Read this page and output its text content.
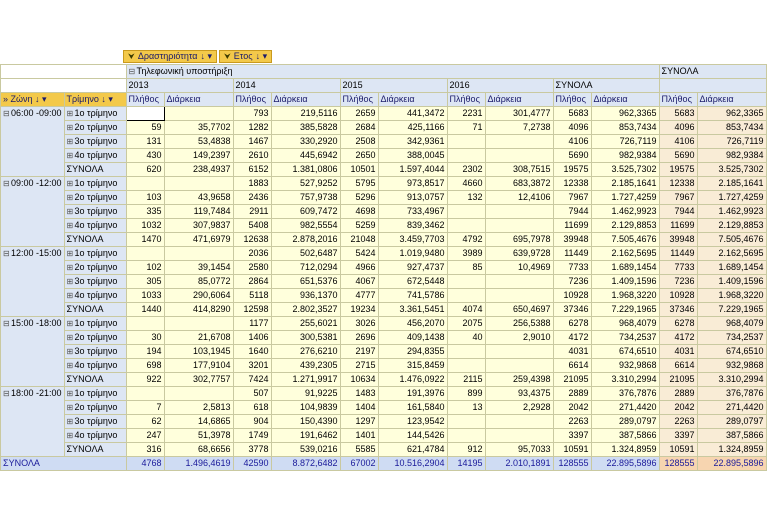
⮟ Δραστηριότητα ↓ ▾ ⮟ Ετος ↓ ▾
		⊟Τηλεφωνική υποστήριξη										ΣΥΝΟΛΑ	
		2013		2014		2015		2016		ΣΥΝΟΛΑ			
» Ζώνη ↓ ▾	Τρίμηνο ↓ ▾	Πλήθος	Διάρκεια	Πλήθος	Διάρκεια	Πλήθος	Διάρκεια	Πλήθος	Διάρκεια	Πλήθος	Διάρκεια	Πλήθος	Διάρκεια
⊟06:00 -09:00	⊞1ο τρίμηνο			793	219,5116	2659	441,3472	2231	301,4777	5683	962,3365	5683	962,3365
	⊞2ο τρίμηνο	59	35,7702	1282	385,5828	2684	425,1166	71	7,2738	4096	853,7434	4096	853,7434
	⊞3ο τρίμηνο	131	53,4838	1467	330,2920	2508	342,9361			4106	726,7119	4106	726,7119
	⊞4ο τρίμηνο	430	149,2397	2610	445,6942	2650	388,0045			5690	982,9384	5690	982,9384
	ΣΥΝΟΛΑ	620	238,4937	6152	1.381,0806	10501	1.597,4044	2302	308,7515	19575	3.525,7302	19575	3.525,7302
⊟09:00 -12:00	⊞1ο τρίμηνο			1883	527,9252	5795	973,8517	4660	683,3872	12338	2.185,1641	12338	2.185,1641
	⊞2ο τρίμηνο	103	43,9658	2436	757,9738	5296	913,0757	132	12,4106	7967	1.727,4259	7967	1.727,4259
	⊞3ο τρίμηνο	335	119,7484	2911	609,7472	4698	733,4967			7944	1.462,9923	7944	1.462,9923
	⊞4ο τρίμηνο	1032	307,9837	5408	982,5554	5259	839,3462			11699	2.129,8853	11699	2.129,8853
	ΣΥΝΟΛΑ	1470	471,6979	12638	2.878,2016	21048	3.459,7703	4792	695,7978	39948	7.505,4676	39948	7.505,4676
⊟12:00 -15:00	⊞1ο τρίμηνο			2036	502,6487	5424	1.019,9480	3989	639,9728	11449	2.162,5695	11449	2.162,5695
	⊞2ο τρίμηνο	102	39,1454	2580	712,0294	4966	927,4737	85	10,4969	7733	1.689,1454	7733	1.689,1454
	⊞3ο τρίμηνο	305	85,0772	2864	651,5376	4067	672,5448			7236	1.409,1596	7236	1.409,1596
	⊞4ο τρίμηνο	1033	290,6064	5118	936,1370	4777	741,5786			10928	1.968,3220	10928	1.968,3220
	ΣΥΝΟΛΑ	1440	414,8290	12598	2.802,3527	19234	3.361,5451	4074	650,4697	37346	7.229,1965	37346	7.229,1965
⊟15:00 -18:00	⊞1ο τρίμηνο			1177	255,6021	3026	456,2070	2075	256,5388	6278	968,4079	6278	968,4079
	⊞2ο τρίμηνο	30	21,6708	1406	300,5381	2696	409,1438	40	2,9010	4172	734,2537	4172	734,2537
	⊞3ο τρίμηνο	194	103,1945	1640	276,6210	2197	294,8355			4031	674,6510	4031	674,6510
	⊞4ο τρίμηνο	698	177,9104	3201	439,2305	2715	315,8459			6614	932,9868	6614	932,9868
	ΣΥΝΟΛΑ	922	302,7757	7424	1.271,9917	10634	1.476,0922	2115	259,4398	21095	3.310,2994	21095	3.310,2994
⊟18:00 -21:00	⊞1ο τρίμηνο			507	91,9225	1483	191,3976	899	93,4375	2889	376,7876	2889	376,7876
	⊞2ο τρίμηνο	7	2,5813	618	104,9839	1404	161,5840	13	2,2928	2042	271,4420	2042	271,4420
	⊞3ο τρίμηνο	62	14,6865	904	150,4390	1297	123,9542			2263	289,0797	2263	289,0797
	⊞4ο τρίμηνο	247	51,3978	1749	191,6462	1401	144,5426			3397	387,5866	3397	387,5866
	ΣΥΝΟΛΑ	316	68,6656	3778	539,0216	5585	621,4784	912	95,7033	10591	1.324,8959	10591	1.324,8959
ΣΥΝΟΛΑ		4768	1.496,4619	42590	8.872,6482	67002	10.516,2904	14195	2.010,1891	128555	22.895,5896	128555	22.895,5896
